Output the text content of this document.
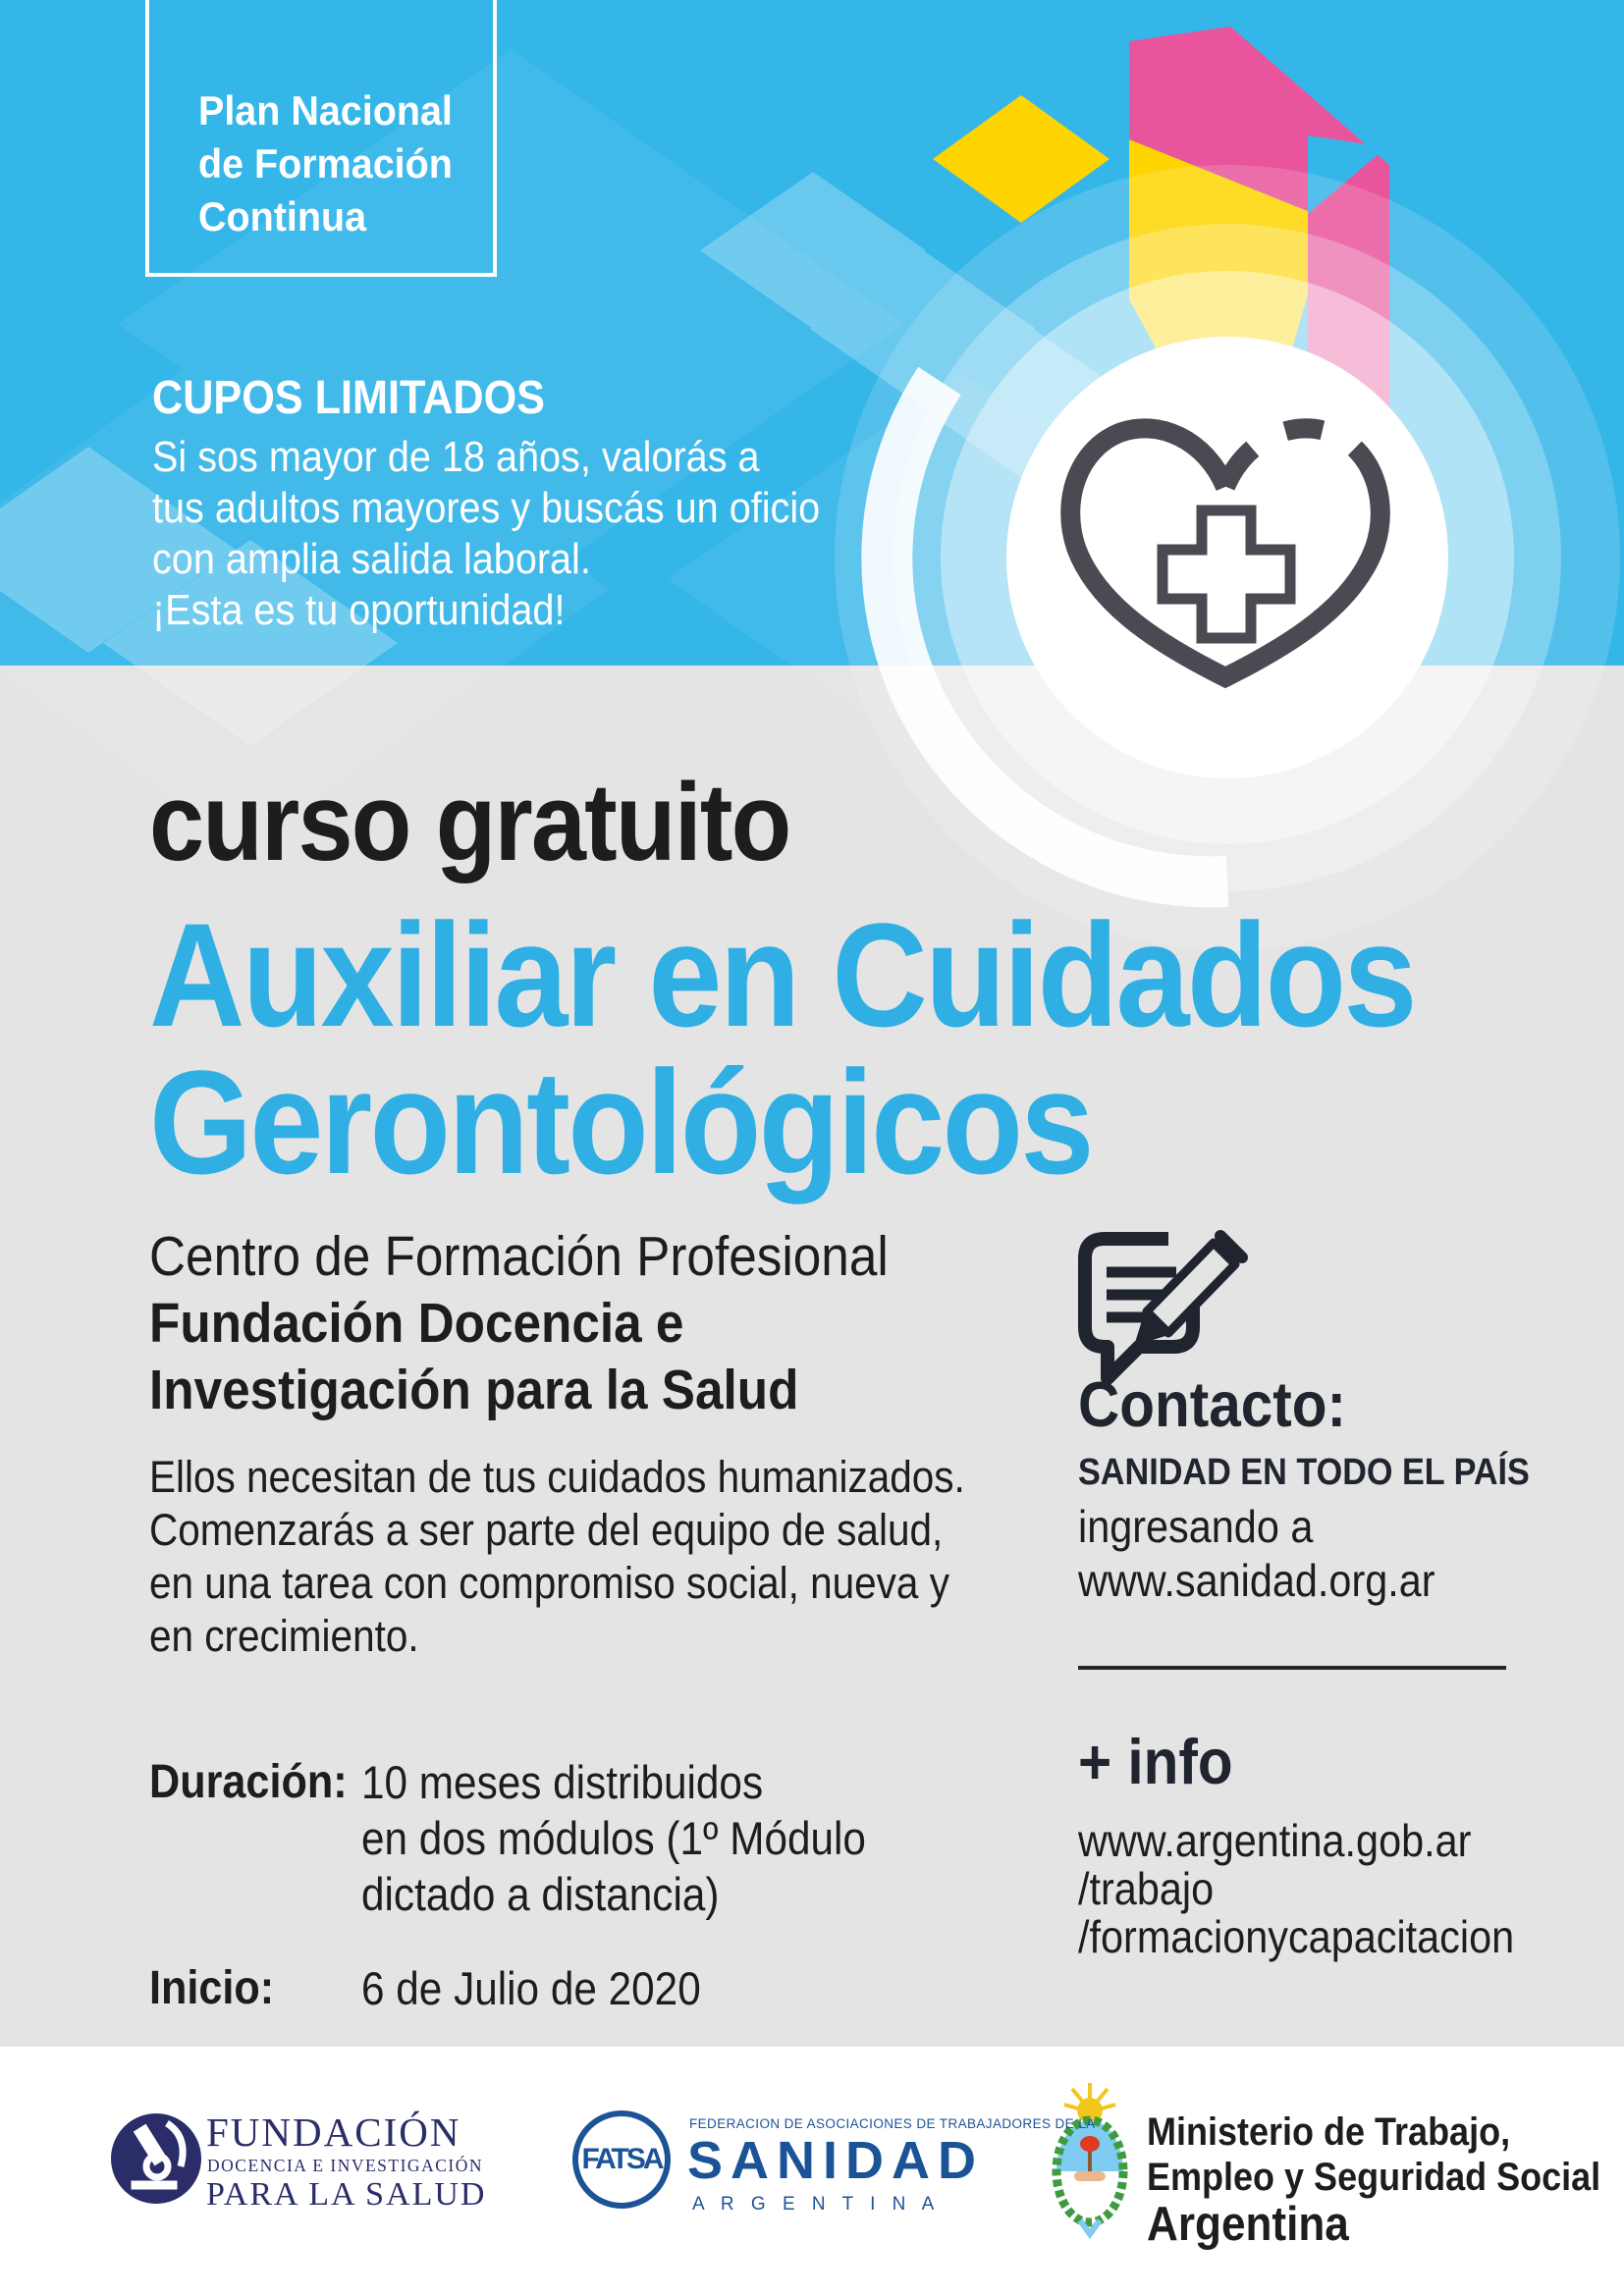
Plan Nacional
de Formación
Continua
CUPOS LIMITADOS
Si sos mayor de 18 años, valorás a
tus adultos mayores y buscás un oficio
con amplia salida laboral.
¡Esta es tu oportunidad!
curso gratuito
Auxiliar en Cuidados
Gerontológicos
Centro de Formación Profesional
Fundación Docencia e
Investigación para la Salud
Ellos necesitan de tus cuidados humanizados.
Comenzarás a ser parte del equipo de salud,
en una tarea con compromiso social, nueva y
en crecimiento.
Duración: 10 meses distribuidos
en dos módulos (1º Módulo
dictado a distancia)
Inicio: 6 de Julio de 2020
Contacto:
SANIDAD EN TODO EL PAÍS
ingresando a
www.sanidad.org.ar
+ info
www.argentina.gob.ar
/trabajo
/formacionycapacitacion
FUNDACIÓN
DOCENCIA E INVESTIGACIÓN
PARA LA SALUD
FATSA
FEDERACION DE ASOCIACIONES DE TRABAJADORES DE LA
SANIDAD
A R G E N T I N A
Ministerio de Trabajo,
Empleo y Seguridad Social
Argentina
